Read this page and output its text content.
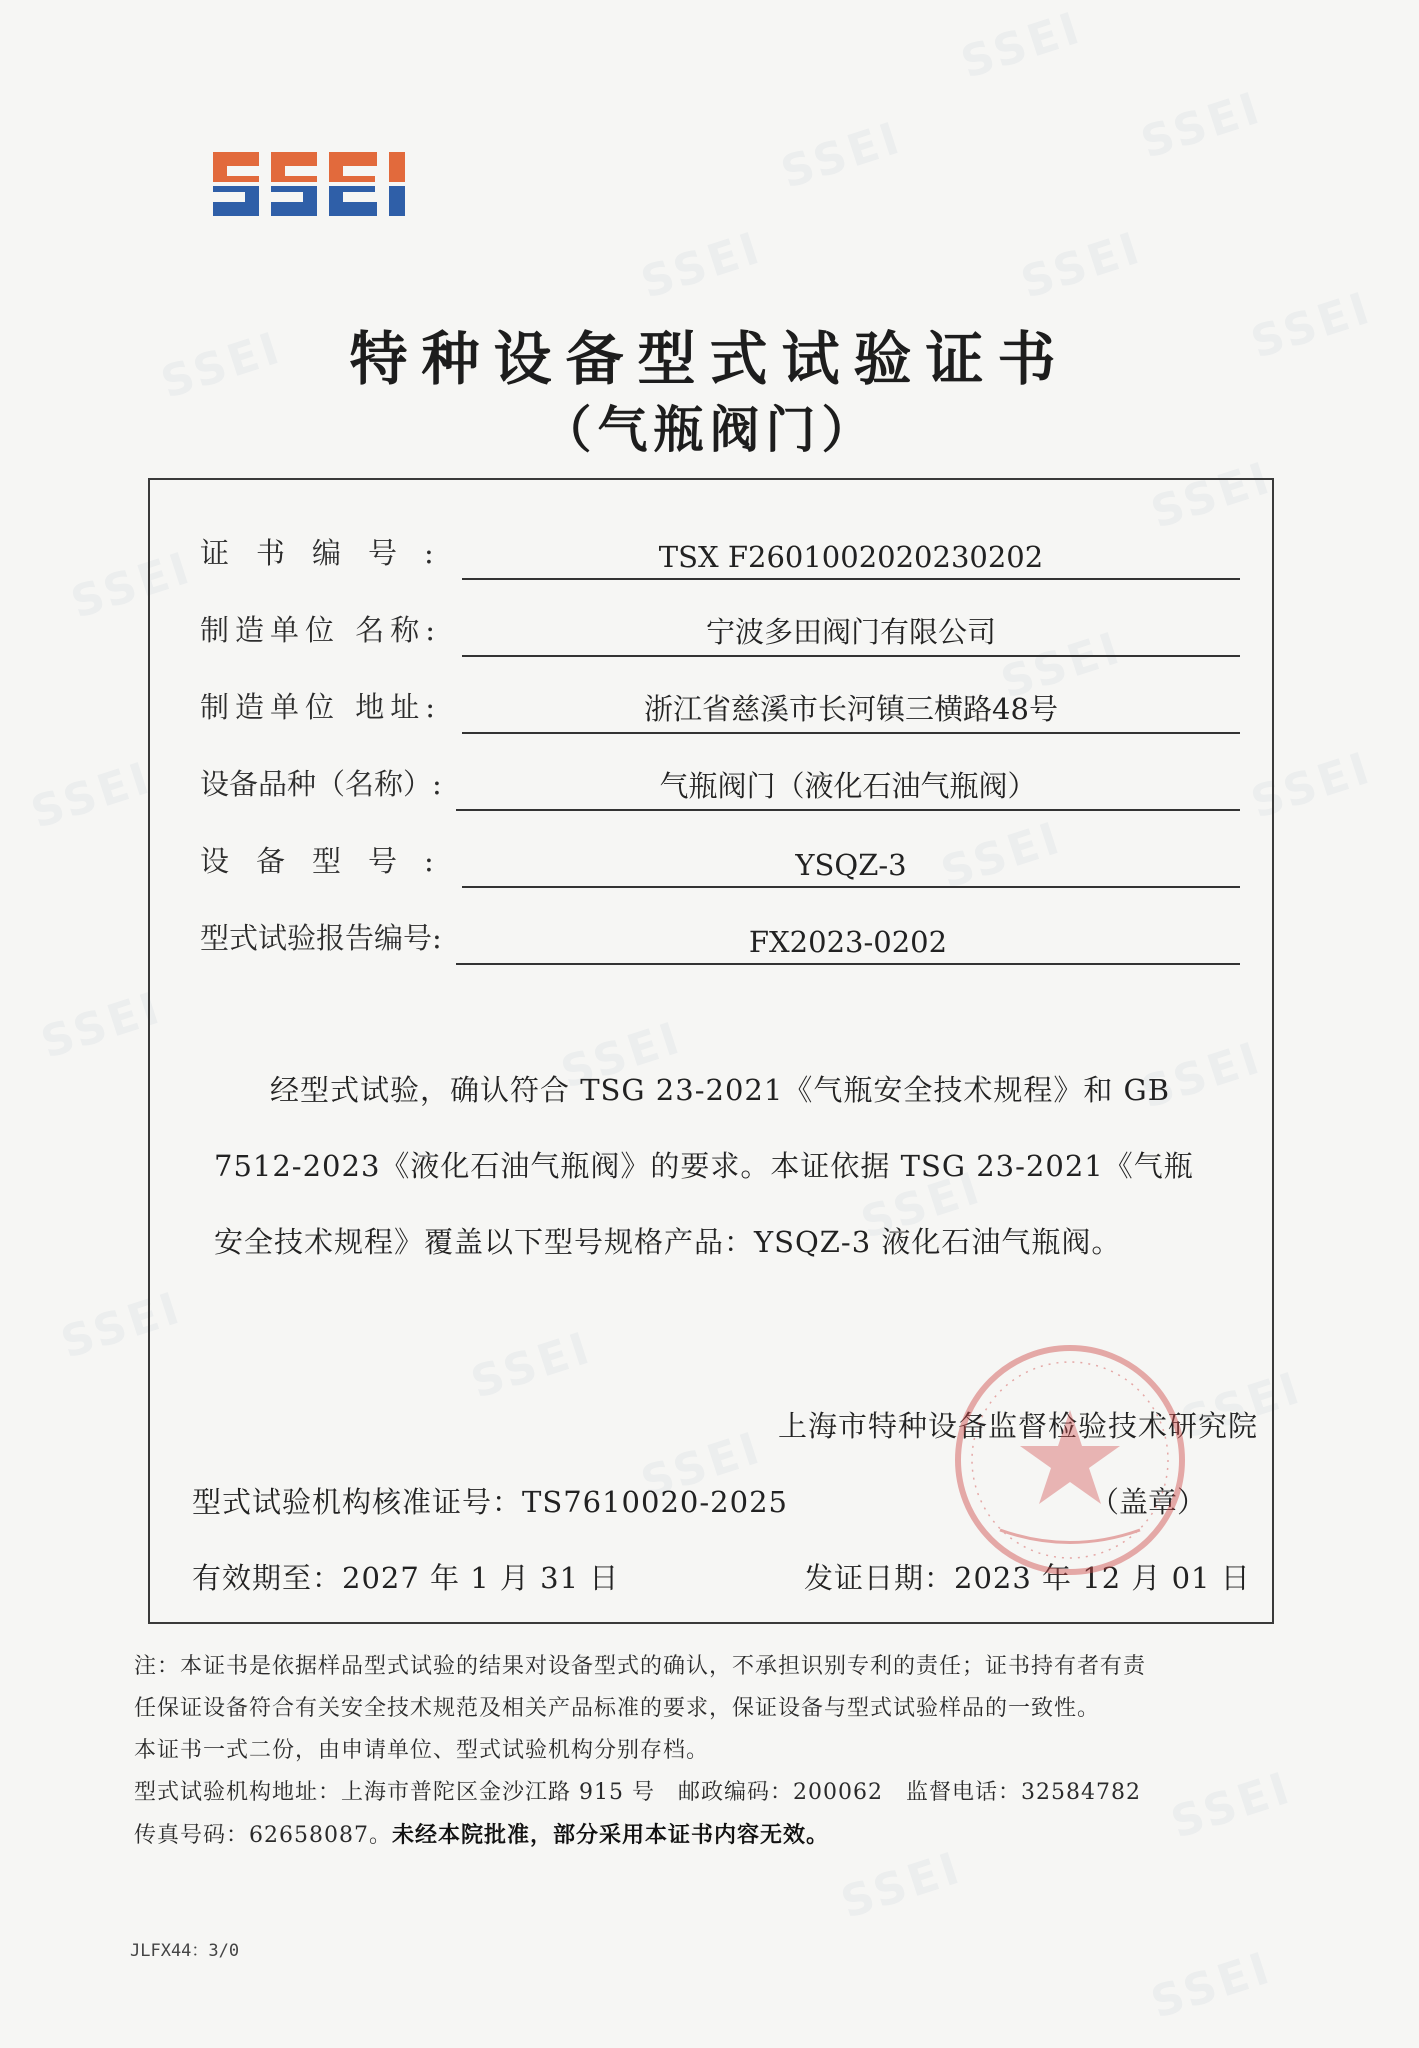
SSEI
SSEI
SSEI
SSEI
SSEI
SSEI
SSEI
SSEI
SSEI
SSEI
SSEI	SSEI
SSEI
SSEI
SSEI
SSEI
SSEI
SSEI	SSEI	SSEI
SSEI
SSEI
SSEI
SSEI
特种设备型式试验证书
（气瓶阀门）
证书编号:	TSX F2601002020230202
制造单位 名称:	宁波多田阀门有限公司
制造单位 地址:	浙江省慈溪市长河镇三横路48号
设备品种（名称）:	气瓶阀门（液化石油气瓶阀）
设备型号:	YSQZ-3
型式试验报告编号:	FX2023-0202
经型式试验，确认符合 TSG 23-2021《气瓶安全技术规程》和 GB
7512-2023《液化石油气瓶阀》的要求。本证依据 TSG 23-2021《气瓶
安全技术规程》覆盖以下型号规格产品：YSQZ-3 液化石油气瓶阀。
上海市特种设备监督检验技术研究院
型式试验机构核准证号：TS7610020-2025	（盖章）
有效期至：2027 年 1 月 31 日	发证日期：2023 年 12 月 01 日
注：本证书是依据样品型式试验的结果对设备型式的确认，不承担识别专利的责任；证书持有者有责
任保证设备符合有关安全技术规范及相关产品标准的要求，保证设备与型式试验样品的一致性。
本证书一式二份，由申请单位、型式试验机构分别存档。
型式试验机构地址：上海市普陀区金沙江路 915 号　邮政编码：200062　监督电话：32584782
传真号码：62658087。未经本院批准，部分采用本证书内容无效。
JLFX44：3/0
